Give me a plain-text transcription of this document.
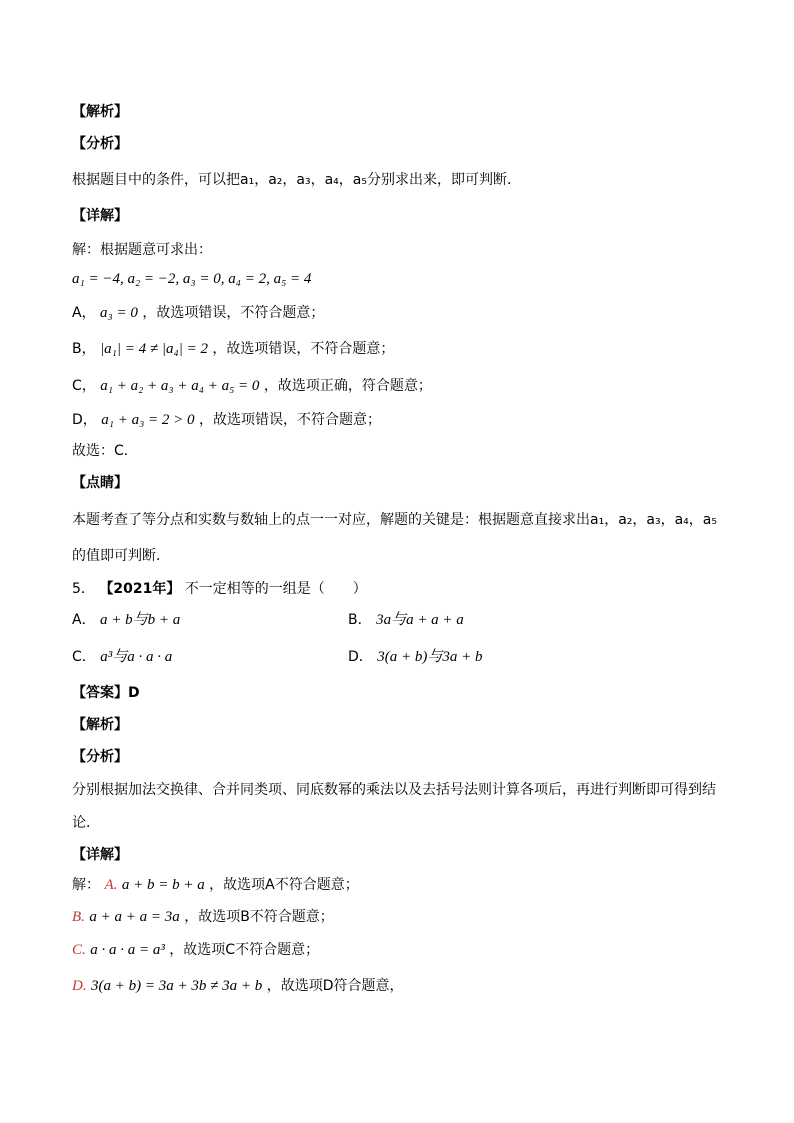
【解析】
【分析】
根据题目中的条件，可以把a₁，a₂，a₃，a₄，a₅分别求出来，即可判断．
【详解】
解：根据题意可求出：
a₁ = −4, a₂ = −2, a₃ = 0, a₄ = 2, a₅ = 4
A， a₃ = 0 ，故选项错误，不符合题意；
B， |a₁| = 4 ≠ |a₄| = 2 ，故选项错误，不符合题意；
C， a₁ + a₂ + a₃ + a₄ + a₅ = 0 ，故选项正确，符合题意；
D， a₁ + a₃ = 2 > 0 ，故选项错误，不符合题意；
故选：C．
【点睛】
本题考查了等分点和实数与数轴上的点一一对应，解题的关键是：根据题意直接求出a₁，a₂，a₃，a₄，a₅
的值即可判断．
5． 【2021年】 不一定相等的一组是（　　）
A． a + b与b + a	B． 3a与a + a + a
C． a³与a · a · a	D． 3(a + b)与3a + b
【答案】D
【解析】
【分析】
分别根据加法交换律、合并同类项、同底数幂的乘法以及去括号法则计算各项后，再进行判断即可得到结
论．
【详解】
解： A. a + b = b + a ，故选项A不符合题意；
B. a + a + a = 3a ，故选项B不符合题意；
C. a · a · a = a³ ，故选项C不符合题意；
D. 3(a + b) = 3a + 3b ≠ 3a + b ，故选项D符合题意，
